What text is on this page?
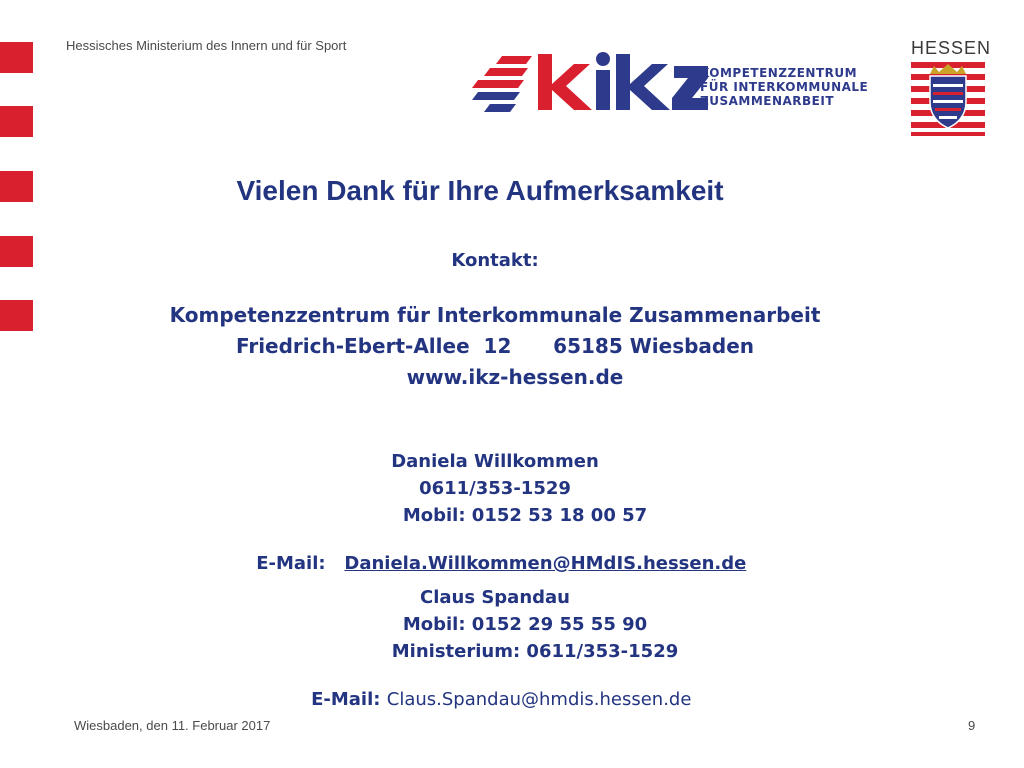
Hessisches Ministerium des Innern und für Sport
KOMPETENZZENTRUM
FÜR INTERKOMMUNALE
ZUSAMMENARBEIT
HESSEN
Vielen Dank für Ihre Aufmerksamkeit
Kontakt:
Kompetenzzentrum für Interkommunale Zusammenarbeit
Friedrich-Ebert-Allee  12      65185 Wiesbaden
www.ikz-hessen.de
Daniela Willkommen
0611/353-1529
Mobil: 0152 53 18 00 57

E-Mail: Daniela.Willkommen@HMdIS.hessen.de

Claus Spandau
Mobil: 0152 29 55 55 90
Ministerium: 0611/353-1529

E-Mail: Claus.Spandau@hmdis.hessen.de

Wiesbaden, den 11. Februar 2017	9
